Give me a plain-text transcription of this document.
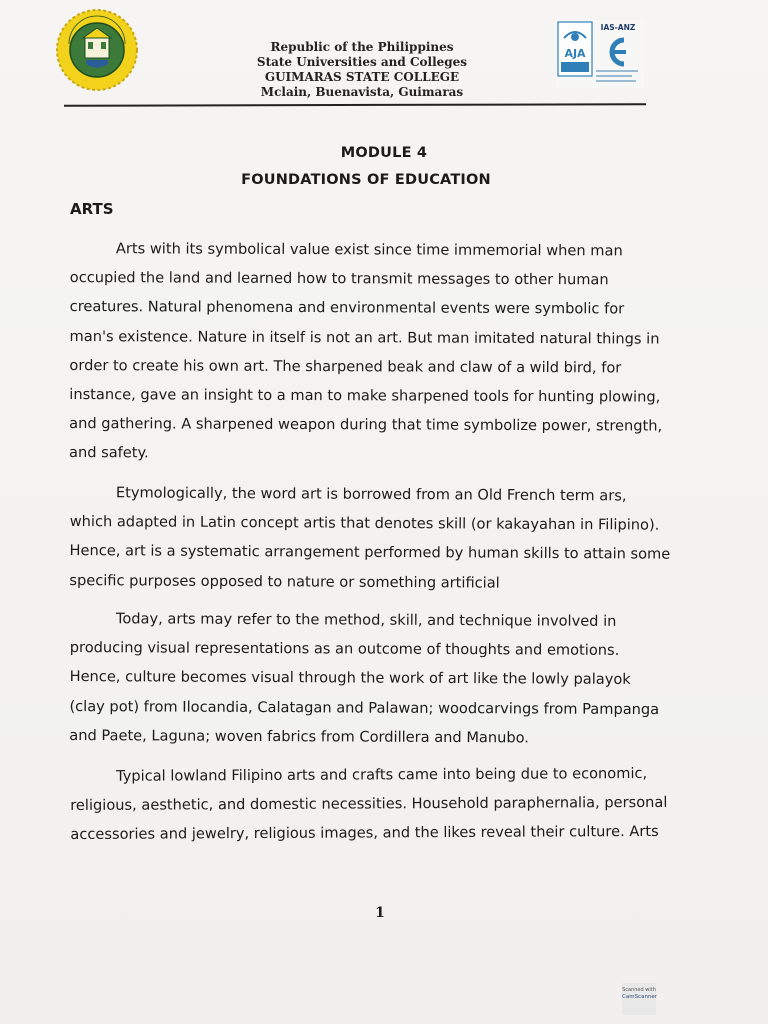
Republic of the Philippines
State Universities and Colleges
GUIMARAS STATE COLLEGE
Mclain, Buenavista, Guimaras
AJA
IAS-ANZ
MODULE 4
FOUNDATIONS OF EDUCATION
ARTS
Arts with its symbolical value exist since time immemorial when man
occupied the land and learned how to transmit messages to other human
creatures. Natural phenomena and environmental events were symbolic for
man's existence. Nature in itself is not an art. But man imitated natural things in
order to create his own art. The sharpened beak and claw of a wild bird, for
instance, gave an insight to a man to make sharpened tools for hunting plowing,
and gathering. A sharpened weapon during that time symbolize power, strength,
and safety.
Etymologically, the word art is borrowed from an Old French term ars,
which adapted in Latin concept artis that denotes skill (or kakayahan in Filipino).
Hence, art is a systematic arrangement performed by human skills to attain some
specific purposes opposed to nature or something artificial
Today, arts may refer to the method, skill, and technique involved in
producing visual representations as an outcome of thoughts and emotions.
Hence, culture becomes visual through the work of art like the lowly palayok
(clay pot) from Ilocandia, Calatagan and Palawan; woodcarvings from Pampanga
and Paete, Laguna; woven fabrics from Cordillera and Manubo.
Typical lowland Filipino arts and crafts came into being due to economic,
religious, aesthetic, and domestic necessities. Household paraphernalia, personal
accessories and jewelry, religious images, and the likes reveal their culture. Arts
1
Scanned with
CamScanner
